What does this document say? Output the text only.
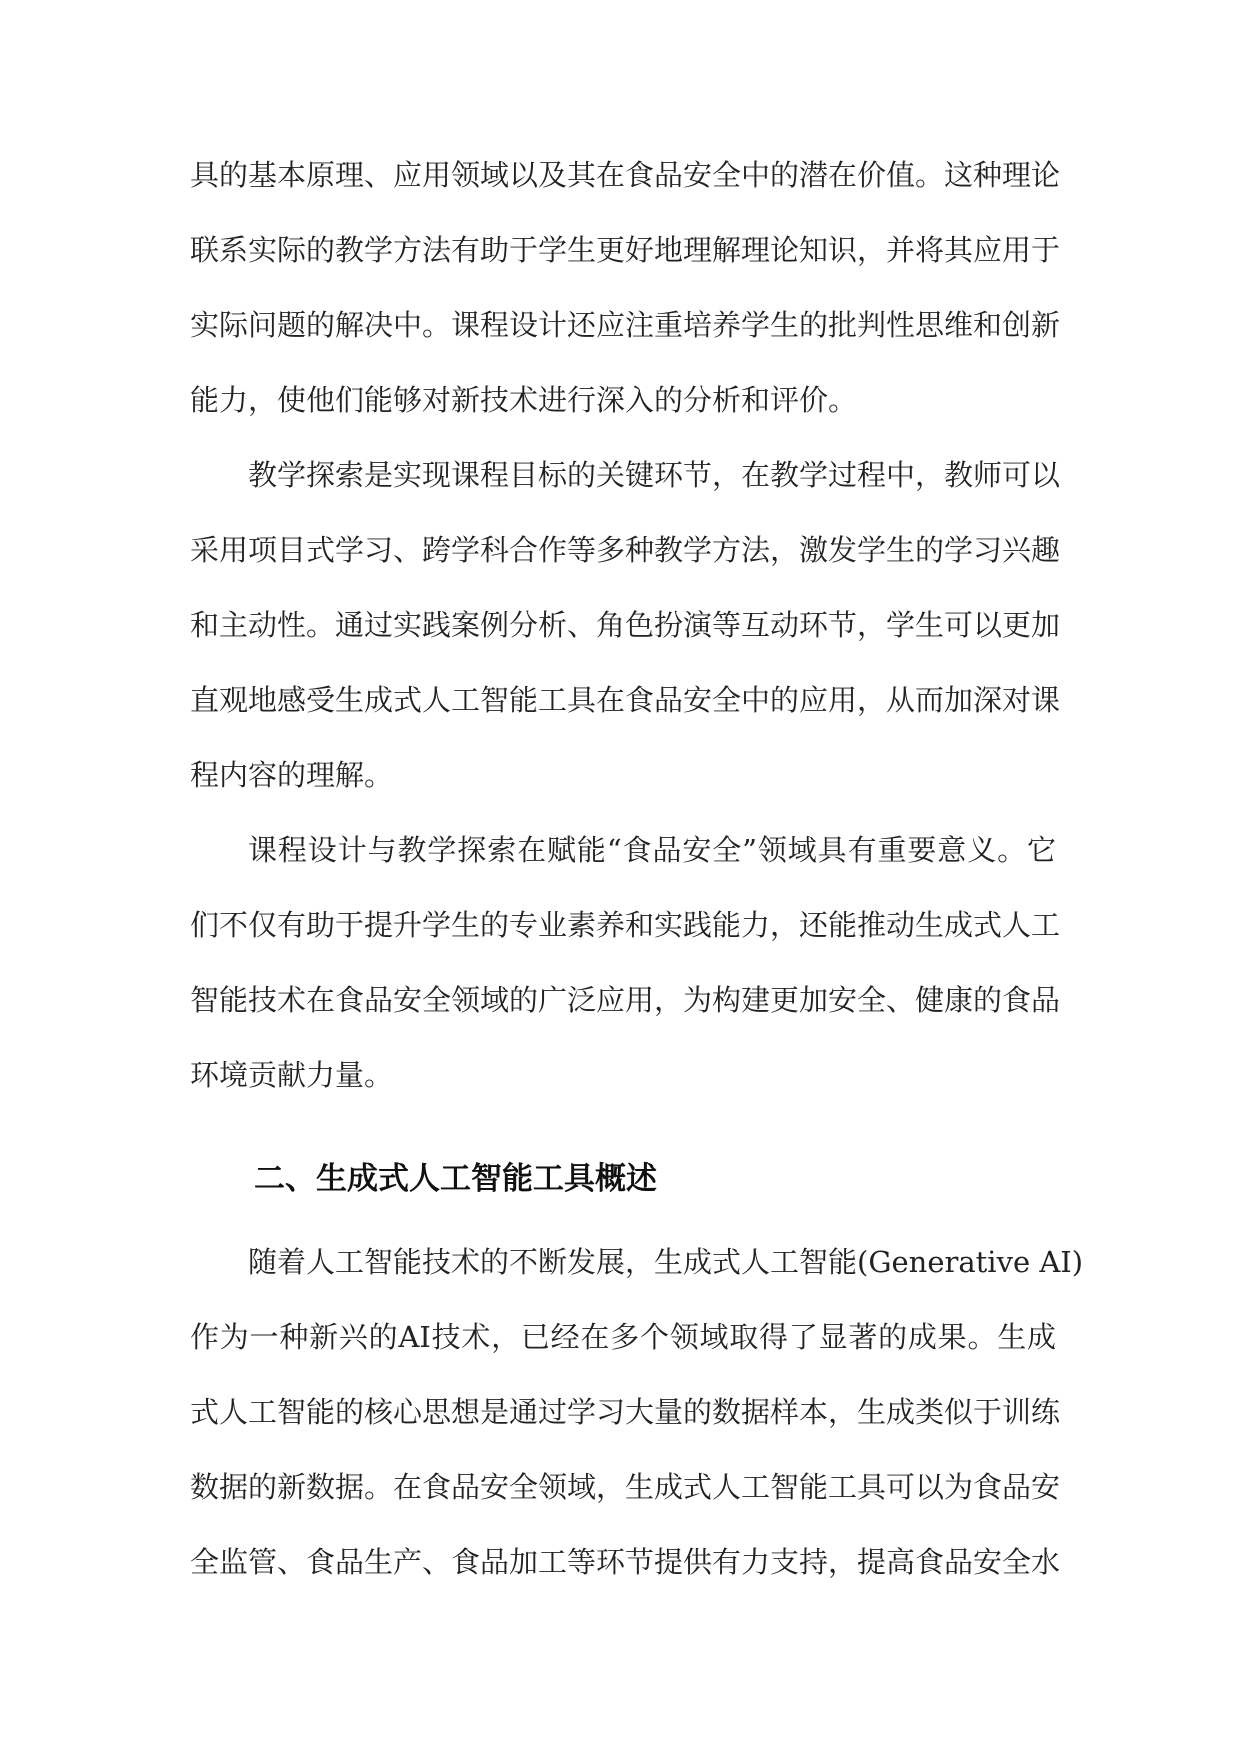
具的基本原理、应用领域以及其在食品安全中的潜在价值。这种理论
联系实际的教学方法有助于学生更好地理解理论知识，并将其应用于
实际问题的解决中。课程设计还应注重培养学生的批判性思维和创新
能力，使他们能够对新技术进行深入的分析和评价。
教学探索是实现课程目标的关键环节，在教学过程中，教师可以
采用项目式学习、跨学科合作等多种教学方法，激发学生的学习兴趣
和主动性。通过实践案例分析、角色扮演等互动环节，学生可以更加
直观地感受生成式人工智能工具在食品安全中的应用，从而加深对课
程内容的理解。
课程设计与教学探索在赋能“食品安全”领域具有重要意义。它
们不仅有助于提升学生的专业素养和实践能力，还能推动生成式人工
智能技术在食品安全领域的广泛应用，为构建更加安全、健康的食品
环境贡献力量。
二、生成式人工智能工具概述
随着人工智能技术的不断发展，生成式人工智能(Generative AI)
作为一种新兴的AI技术，已经在多个领域取得了显著的成果。生成
式人工智能的核心思想是通过学习大量的数据样本，生成类似于训练
数据的新数据。在食品安全领域，生成式人工智能工具可以为食品安
全监管、食品生产、食品加工等环节提供有力支持，提高食品安全水
